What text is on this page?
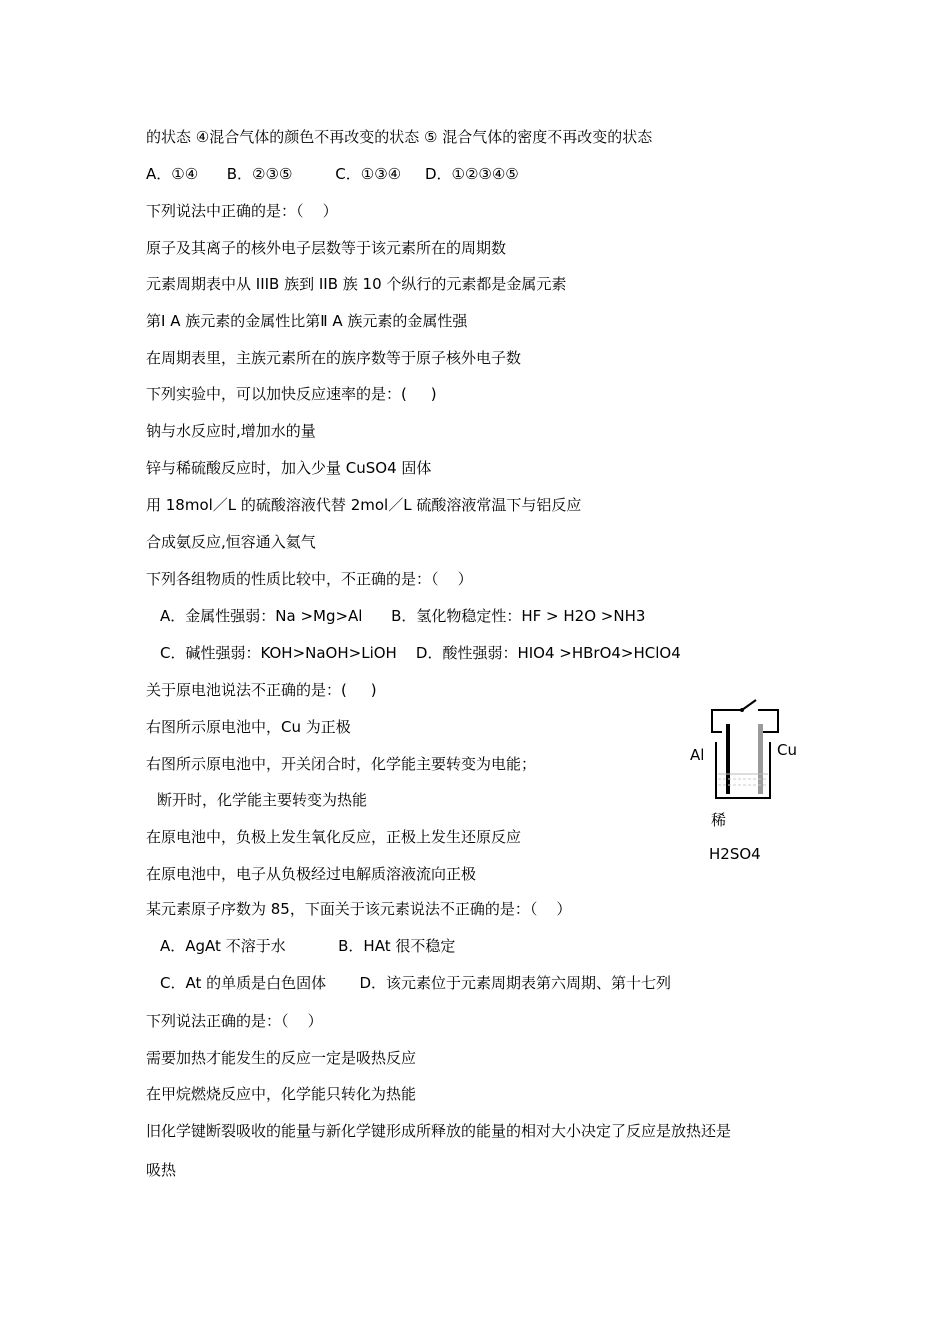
的状态 ④混合气体的颜色不再改变的状态 ⑤ 混合气体的密度不再改变的状态
A．①④      B．②③⑤         C．①③④     D．①②③④⑤
下列说法中正确的是：（    ）
原子及其离子的核外电子层数等于该元素所在的周期数
元素周期表中从 IIIB 族到 IIB 族 10 个纵行的元素都是金属元素
第Ⅰ A 族元素的金属性比第Ⅱ A 族元素的金属性强
在周期表里，主族元素所在的族序数等于原子核外电子数
下列实验中，可以加快反应速率的是：(     )
钠与水反应时,增加水的量
锌与稀硫酸反应时，加入少量 CuSO4 固体
用 18mol／L 的硫酸溶液代替 2mol／L 硫酸溶液常温下与铝反应
合成氨反应,恒容通入氦气
下列各组物质的性质比较中，不正确的是：（    ）
A．金属性强弱：Na >Mg>Al      B．氢化物稳定性：HF > H2O >NH3
C．碱性强弱：KOH>NaOH>LiOH    D．酸性强弱：HIO4 >HBrO4>HClO4
关于原电池说法不正确的是：(     )
右图所示原电池中，Cu 为正极
右图所示原电池中，开关闭合时，化学能主要转变为电能；
断开时，化学能主要转变为热能
在原电池中，负极上发生氧化反应，正极上发生还原反应
在原电池中，电子从负极经过电解质溶液流向正极
某元素原子序数为 85，下面关于该元素说法不正确的是：（    ）
A．AgAt 不溶于水           B．HAt 很不稳定
C．At 的单质是白色固体       D．该元素位于元素周期表第六周期、第十七列
下列说法正确的是：（    ）
需要加热才能发生的反应一定是吸热反应
在甲烷燃烧反应中，化学能只转化为热能
旧化学键断裂吸收的能量与新化学键形成所释放的能量的相对大小决定了反应是放热还是
吸热
Al	Cu
稀
H2SO4
